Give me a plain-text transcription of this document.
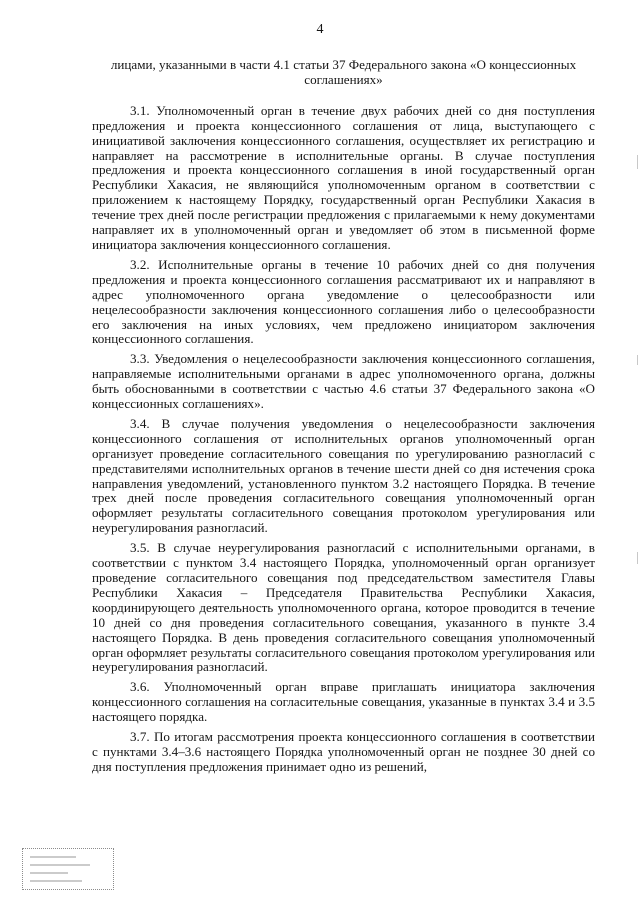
4

лицами, указанными в части 4.1 статьи 37 Федерального закона «О концессионных соглашениях»

3.1. Уполномоченный орган в течение двух рабочих дней со дня поступления предложения и проекта концессионного соглашения от лица, выступающего с инициативой заключения концессионного соглашения, осуществляет их регистрацию и направляет на рассмотрение в исполнительные органы. В случае поступления предложения и проекта концессионного соглашения в иной государственный орган Республики Хакасия, не являющийся уполномоченным органом в соответствии с приложением к настоящему Порядку, государственный орган Республики Хакасия в течение трех дней после регистрации предложения с прилагаемыми к нему документами направляет их в уполномоченный орган и уведомляет об этом в письменной форме инициатора заключения концессионного соглашения.

3.2. Исполнительные органы в течение 10 рабочих дней со дня получения предложения и проекта концессионного соглашения рассматривают их и направляют в адрес уполномоченного органа уведомление о целесообразности или нецелесообразности заключения концессионного соглашения либо о целесообразности его заключения на иных условиях, чем предложено инициатором заключения концессионного соглашения.

3.3. Уведомления о нецелесообразности заключения концессионного соглашения, направляемые исполнительными органами в адрес уполномоченного органа, должны быть обоснованными в соответствии с частью 4.6 статьи 37 Федерального закона «О концессионных соглашениях».

3.4. В случае получения уведомления о нецелесообразности заключения концессионного соглашения от исполнительных органов уполномоченный орган организует проведение согласительного совещания по урегулированию разногласий с представителями исполнительных органов в течение шести дней со дня истечения срока направления уведомлений, установленного пунктом 3.2 настоящего Порядка. В течение трех дней после проведения согласительного совещания уполномоченный орган оформляет результаты согласительного совещания протоколом урегулирования или неурегулирования разногласий.

3.5. В случае неурегулирования разногласий с исполнительными органами, в соответствии с пунктом 3.4 настоящего Порядка, уполномоченный орган организует проведение согласительного совещания под председательством заместителя Главы Республики Хакасия – Председателя Правительства Республики Хакасия, координирующего деятельность уполномоченного органа, которое проводится в течение 10 дней со дня проведения согласительного совещания, указанного в пункте 3.4 настоящего Порядка. В день проведения согласительного совещания уполномоченный орган оформляет результаты согласительного совещания протоколом урегулирования или неурегулирования разногласий.

3.6. Уполномоченный орган вправе приглашать инициатора заключения концессионного соглашения на согласительные совещания, указанные в пунктах 3.4 и 3.5 настоящего порядка.

3.7. По итогам рассмотрения проекта концессионного соглашения в соответствии с пунктами 3.4–3.6 настоящего Порядка уполномоченный орган не позднее 30 дней со дня поступления предложения принимает одно из решений,
